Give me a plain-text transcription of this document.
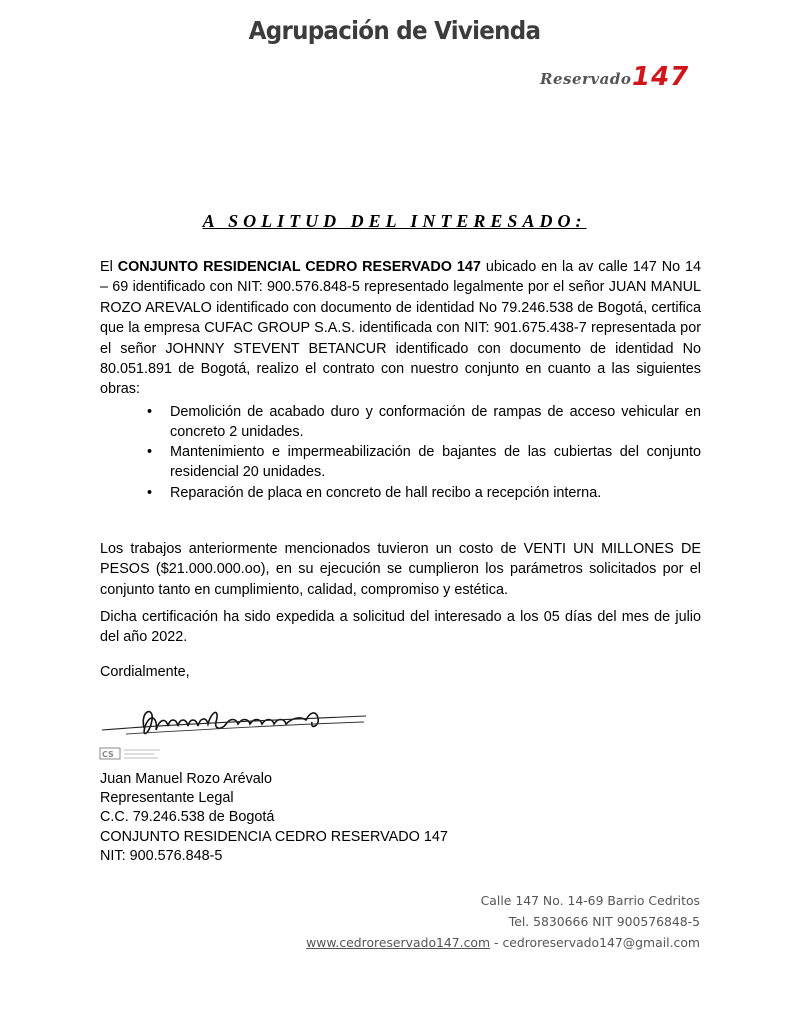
Agrupación de Vivienda
Reservado 147
A SOLITUD DEL INTERESADO:
El CONJUNTO RESIDENCIAL CEDRO RESERVADO 147 ubicado en la av calle 147 No 14 – 69 identificado con NIT: 900.576.848-5 representado legalmente por el señor JUAN MANUL ROZO AREVALO identificado con documento de identidad No 79.246.538 de Bogotá, certifica que la empresa CUFAC GROUP S.A.S. identificada con NIT: 901.675.438-7 representada por el señor JOHNNY STEVENT BETANCUR identificado con documento de identidad No 80.051.891 de Bogotá, realizo el contrato con nuestro conjunto en cuanto a las siguientes obras:
• Demolición de acabado duro y conformación de rampas de acceso vehicular en concreto 2 unidades.
• Mantenimiento e impermeabilización de bajantes de las cubiertas del conjunto residencial 20 unidades.
• Reparación de placa en concreto de hall recibo a recepción interna.
Los trabajos anteriormente mencionados tuvieron un costo de VENTI UN MILLONES DE PESOS ($21.000.000.oo), en su ejecución se cumplieron los parámetros solicitados por el conjunto tanto en cumplimiento, calidad, compromiso y estética.
Dicha certificación ha sido expedida a solicitud del interesado a los 05 días del mes de julio del año 2022.
Cordialmente,
CS
Juan Manuel Rozo Arévalo
Representante Legal
C.C. 79.246.538 de Bogotá
CONJUNTO RESIDENCIA CEDRO RESERVADO 147
NIT: 900.576.848-5
Calle 147 No. 14-69 Barrio Cedritos
Tel. 5830666 NIT 900576848-5
www.cedroreservado147.com - cedroreservado147@gmail.com
